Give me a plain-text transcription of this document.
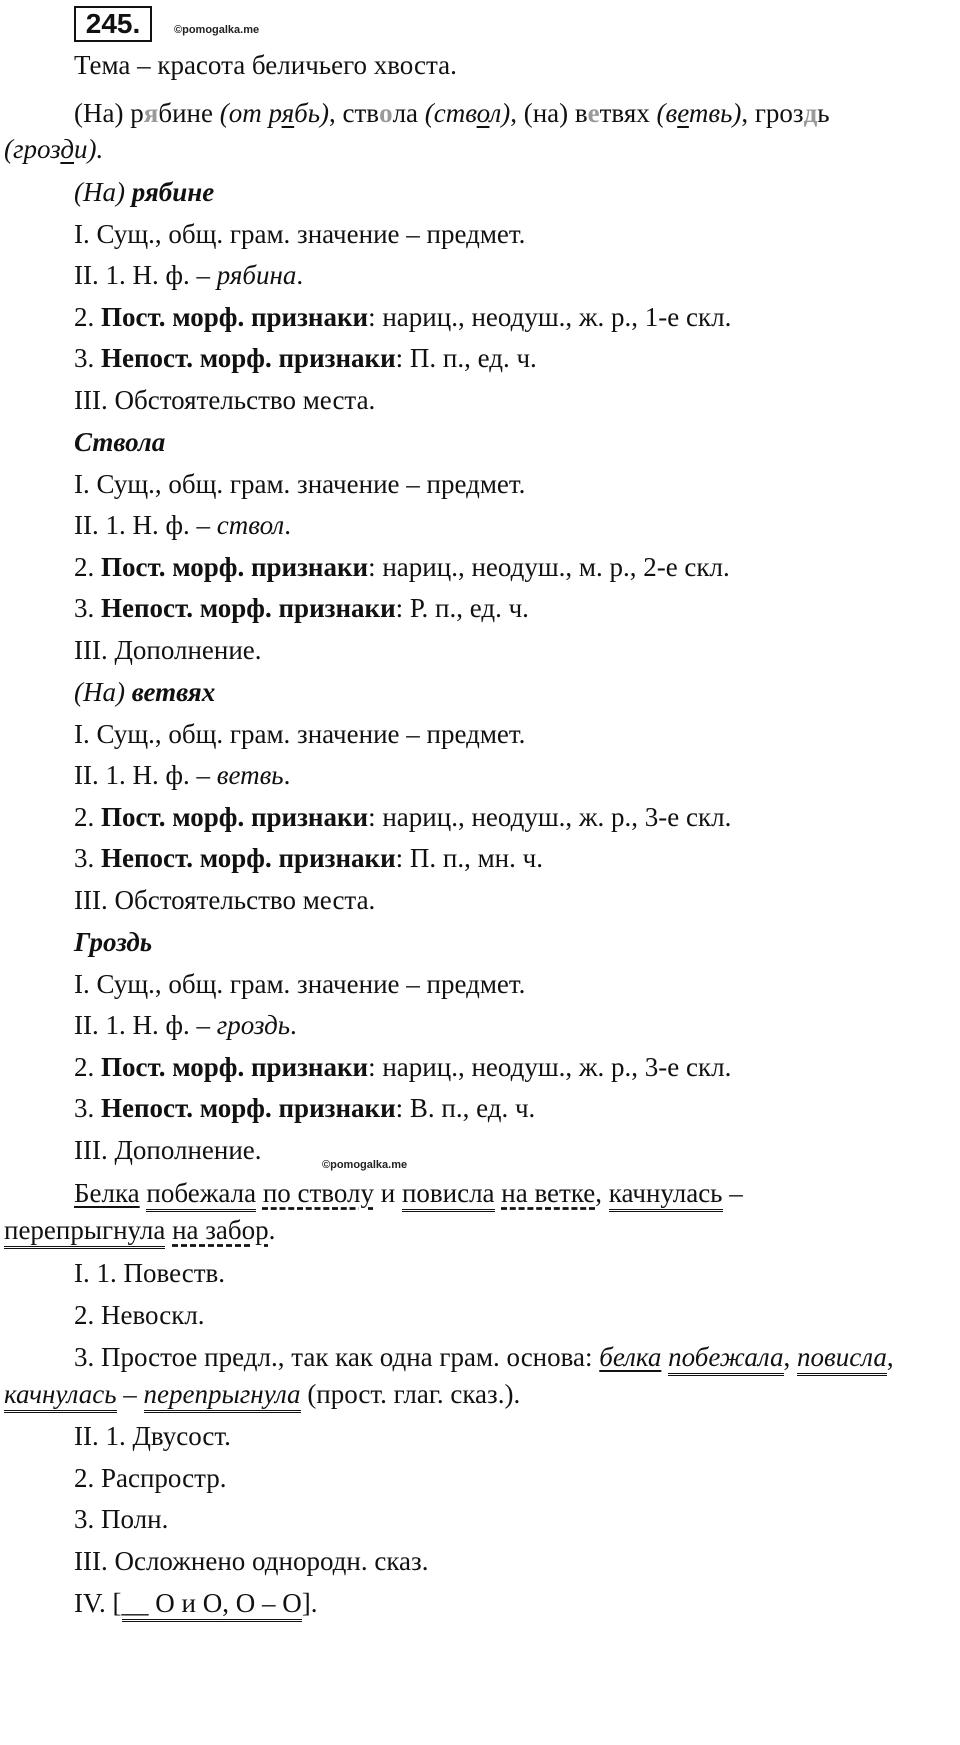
245.	©pomogalka.me
Тема – красота беличьего хвоста.
(На) рябине (от рябь), ствола (ствол), (на) ветвях (ветвь), гроздь
(грозди).
(На) рябине
I. Сущ., общ. грам. значение – предмет.
II. 1. Н. ф. – рябина.
2. Пост. морф. признаки: нариц., неодуш., ж. р., 1-е скл.
3. Непост. морф. признаки: П. п., ед. ч.
III. Обстоятельство места.
Ствола
I. Сущ., общ. грам. значение – предмет.
II. 1. Н. ф. – ствол.
2. Пост. морф. признаки: нариц., неодуш., м. р., 2-е скл.
3. Непост. морф. признаки: Р. п., ед. ч.
III. Дополнение.
(На) ветвях
I. Сущ., общ. грам. значение – предмет.
II. 1. Н. ф. – ветвь.
2. Пост. морф. признаки: нариц., неодуш., ж. р., 3-е скл.
3. Непост. морф. признаки: П. п., мн. ч.
III. Обстоятельство места.
Гроздь
I. Сущ., общ. грам. значение – предмет.
II. 1. Н. ф. – гроздь.
2. Пост. морф. признаки: нариц., неодуш., ж. р., 3-е скл.
3. Непост. морф. признаки: В. п., ед. ч.
III. Дополнение.	©pomogalka.me
Белка побежала по стволу и повисла на ветке, качнулась –
перепрыгнула на забор.
I. 1. Повеств.
2. Невоскл.
3. Простое предл., так как одна грам. основа: белка побежала, повисла,
качнулась – перепрыгнула (прост. глаг. сказ.).
II. 1. Двусост.
2. Распростр.
3. Полн.
III. Осложнено однородн. сказ.
IV. [__ O и O, O – O].
